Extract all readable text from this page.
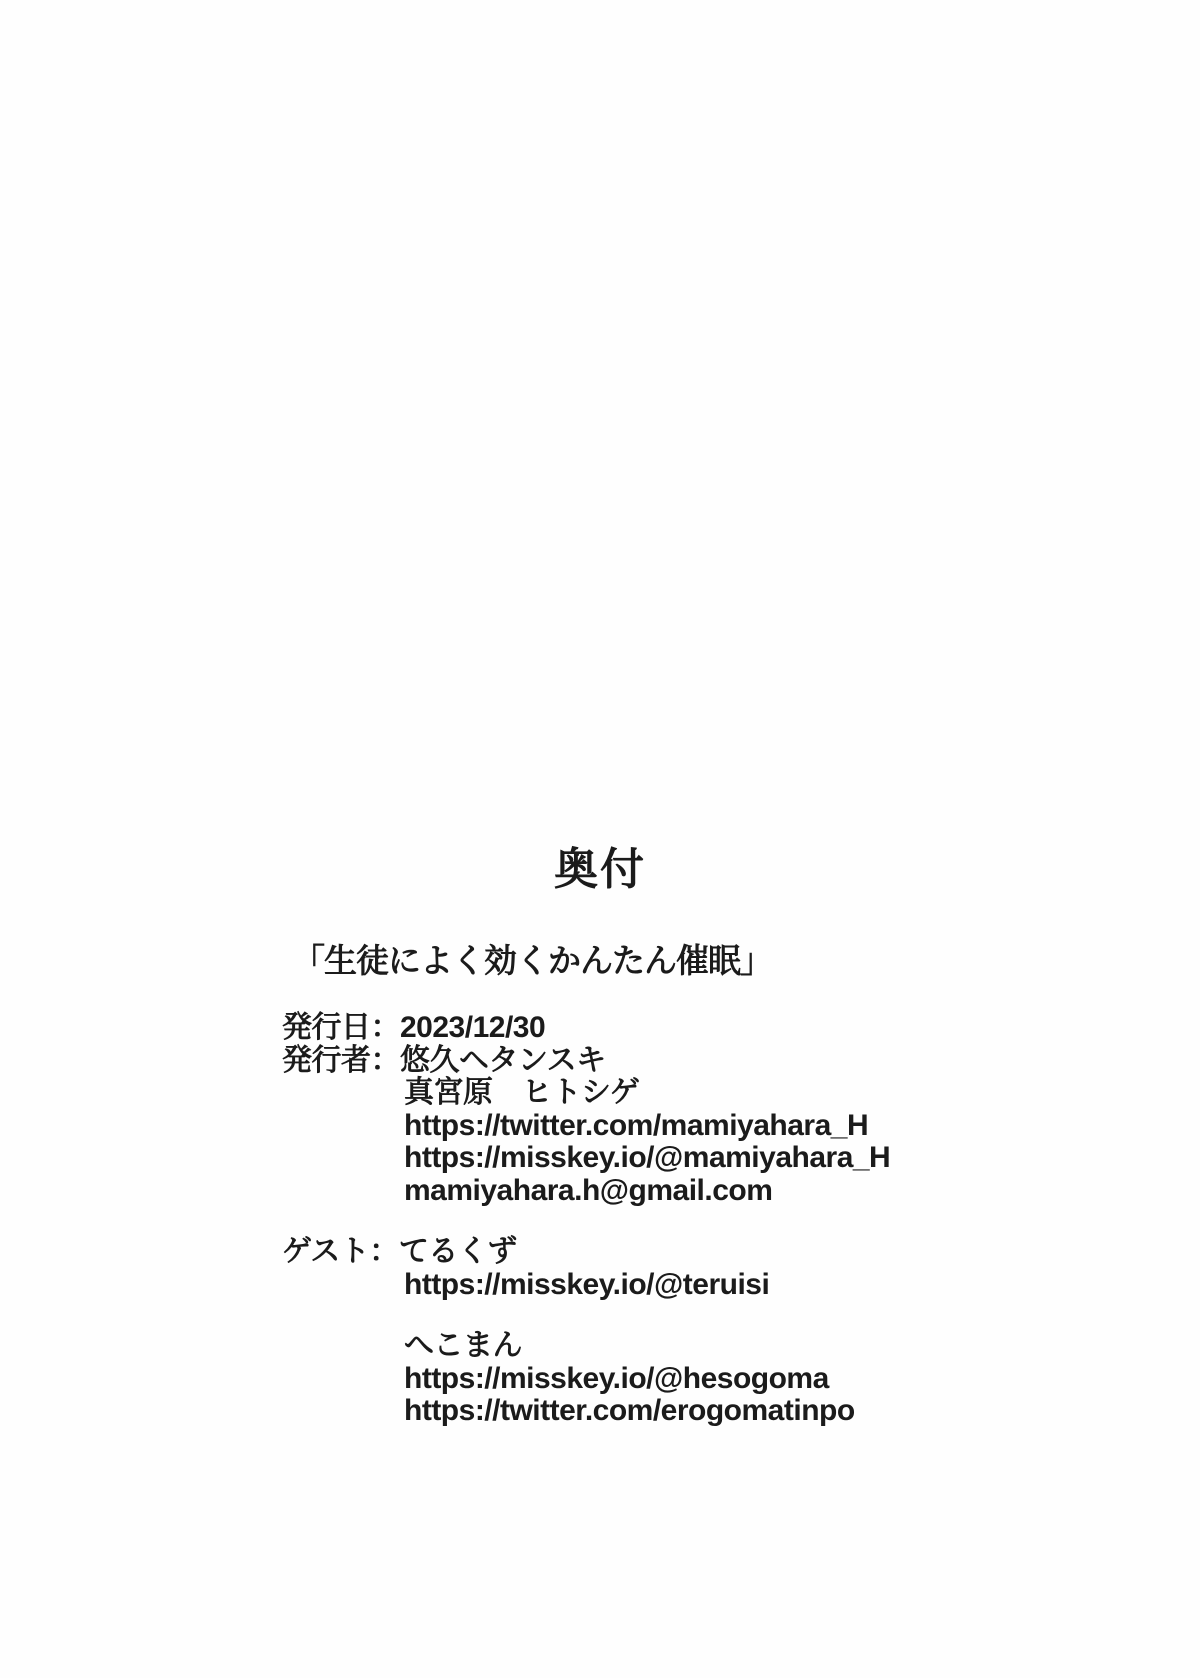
奥付
「生徒によく効くかんたん催眠」
発行日：2023/12/30
発行者：悠久ヘタンスキ
真宮原　ヒトシゲ
https://twitter.com/mamiyahara_H
https://misskey.io/@mamiyahara_H
mamiyahara.h@gmail.com
ゲスト：てるくず
https://misskey.io/@teruisi
へこまん
https://misskey.io/@hesogoma
https://twitter.com/erogomatinpo
